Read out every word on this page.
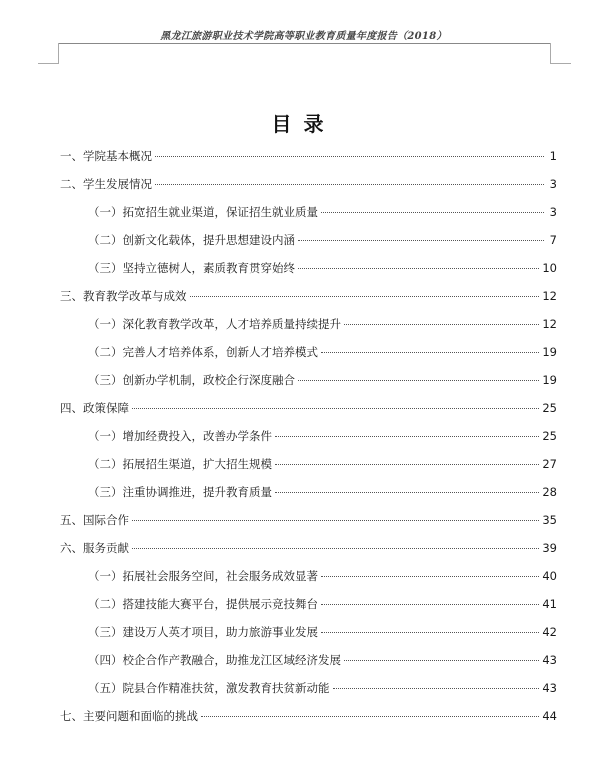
黑龙江旅游职业技术学院高等职业教育质量年度报告（2018）
目录
一、学院基本概况	1
二、学生发展情况	3
（一）拓宽招生就业渠道，保证招生就业质量	3
（二）创新文化载体，提升思想建设内涵	7
（三）坚持立德树人，素质教育贯穿始终	10
三、教育教学改革与成效	12
（一）深化教育教学改革，人才培养质量持续提升	12
（二）完善人才培养体系，创新人才培养模式	19
（三）创新办学机制，政校企行深度融合	19
四、政策保障	25
（一）增加经费投入，改善办学条件	25
（二）拓展招生渠道，扩大招生规模	27
（三）注重协调推进，提升教育质量	28
五、国际合作	35
六、服务贡献	39
（一）拓展社会服务空间，社会服务成效显著	40
（二）搭建技能大赛平台，提供展示竞技舞台	41
（三）建设万人英才项目，助力旅游事业发展	42
（四）校企合作产教融合，助推龙江区域经济发展	43
（五）院县合作精准扶贫，激发教育扶贫新动能	43
七、主要问题和面临的挑战	44
